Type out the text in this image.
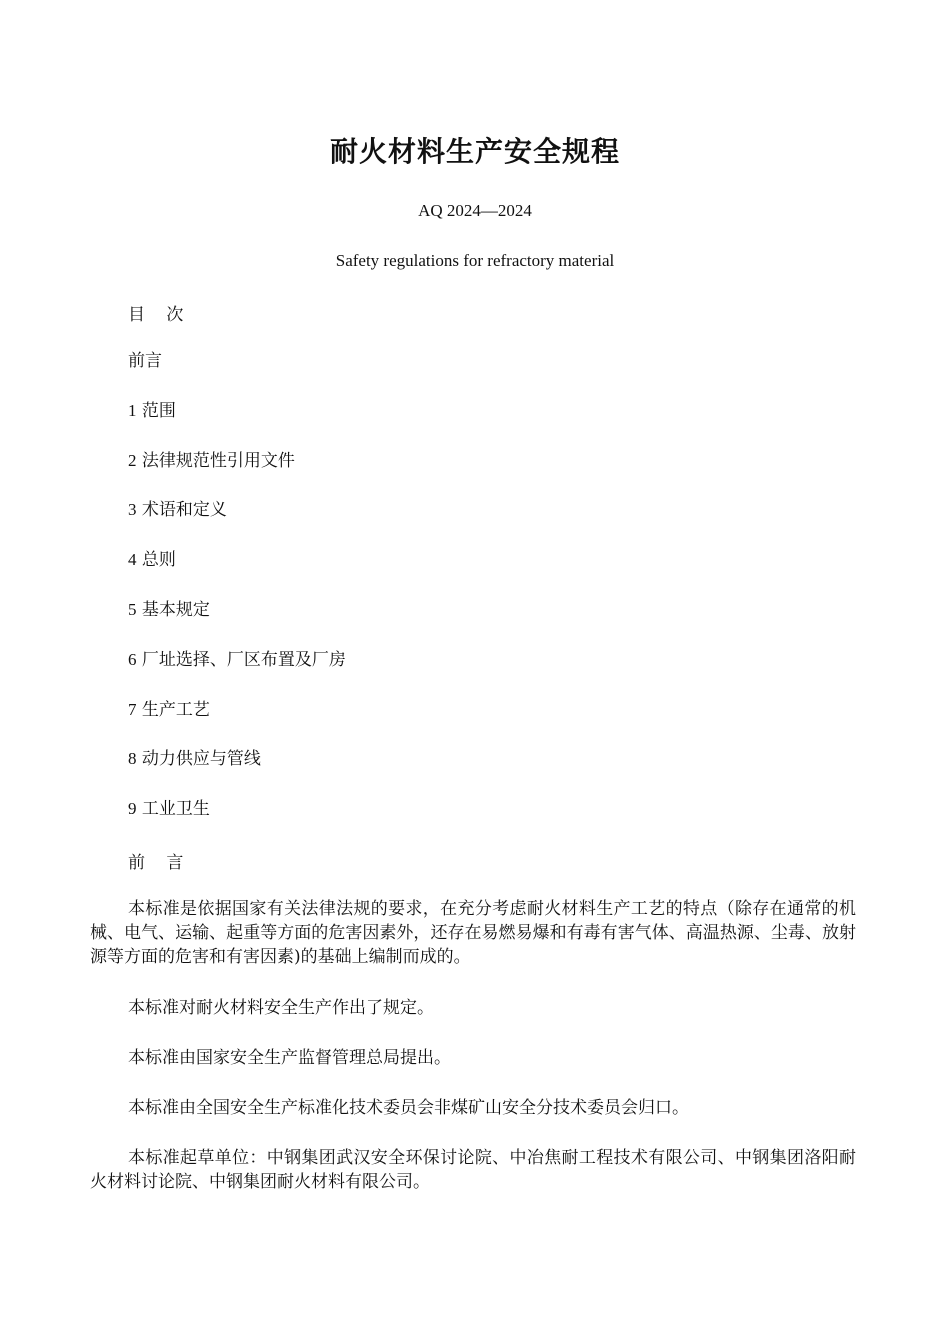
耐火材料生产安全规程
AQ 2024—2024
Safety regulations for refractory material
目 次
前言
1 范围
2 法律规范性引用文件
3 术语和定义
4 总则
5 基本规定
6 厂址选择、厂区布置及厂房
7 生产工艺
8 动力供应与管线
9 工业卫生
前 言

本标准是依据国家有关法律法规的要求，在充分考虑耐火材料生产工艺的特点（除存在通常的机械、电气、运输、起重等方面的危害因素外，还存在易燃易爆和有毒有害气体、高温热源、尘毒、放射源等方面的危害和有害因素)的基础上编制而成的。

本标准对耐火材料安全生产作出了规定。

本标准由国家安全生产监督管理总局提出。

本标准由全国安全生产标准化技术委员会非煤矿山安全分技术委员会归口。

本标准起草单位：中钢集团武汉安全环保讨论院、中冶焦耐工程技术有限公司、中钢集团洛阳耐火材料讨论院、中钢集团耐火材料有限公司。
